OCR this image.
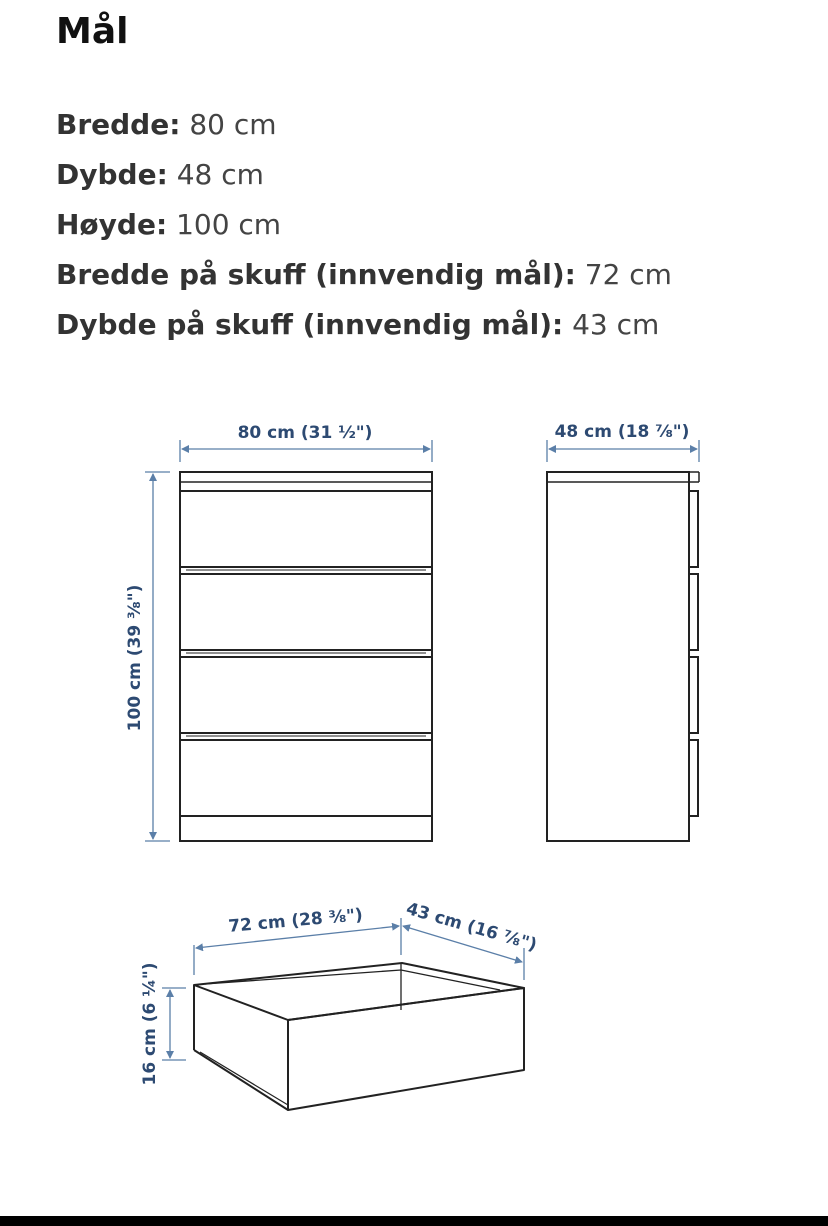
Mål
Bredde: 80 cm
Dybde: 48 cm
Høyde: 100 cm
Bredde på skuff (innvendig mål): 72 cm
Dybde på skuff (innvendig mål): 43 cm
80 cm (31 ½")
100 cm (39 ⅜")
48 cm (18 ⅞")
72 cm (28 ⅜") 43 cm (16 ⅞")
16 cm (6 ¼")
